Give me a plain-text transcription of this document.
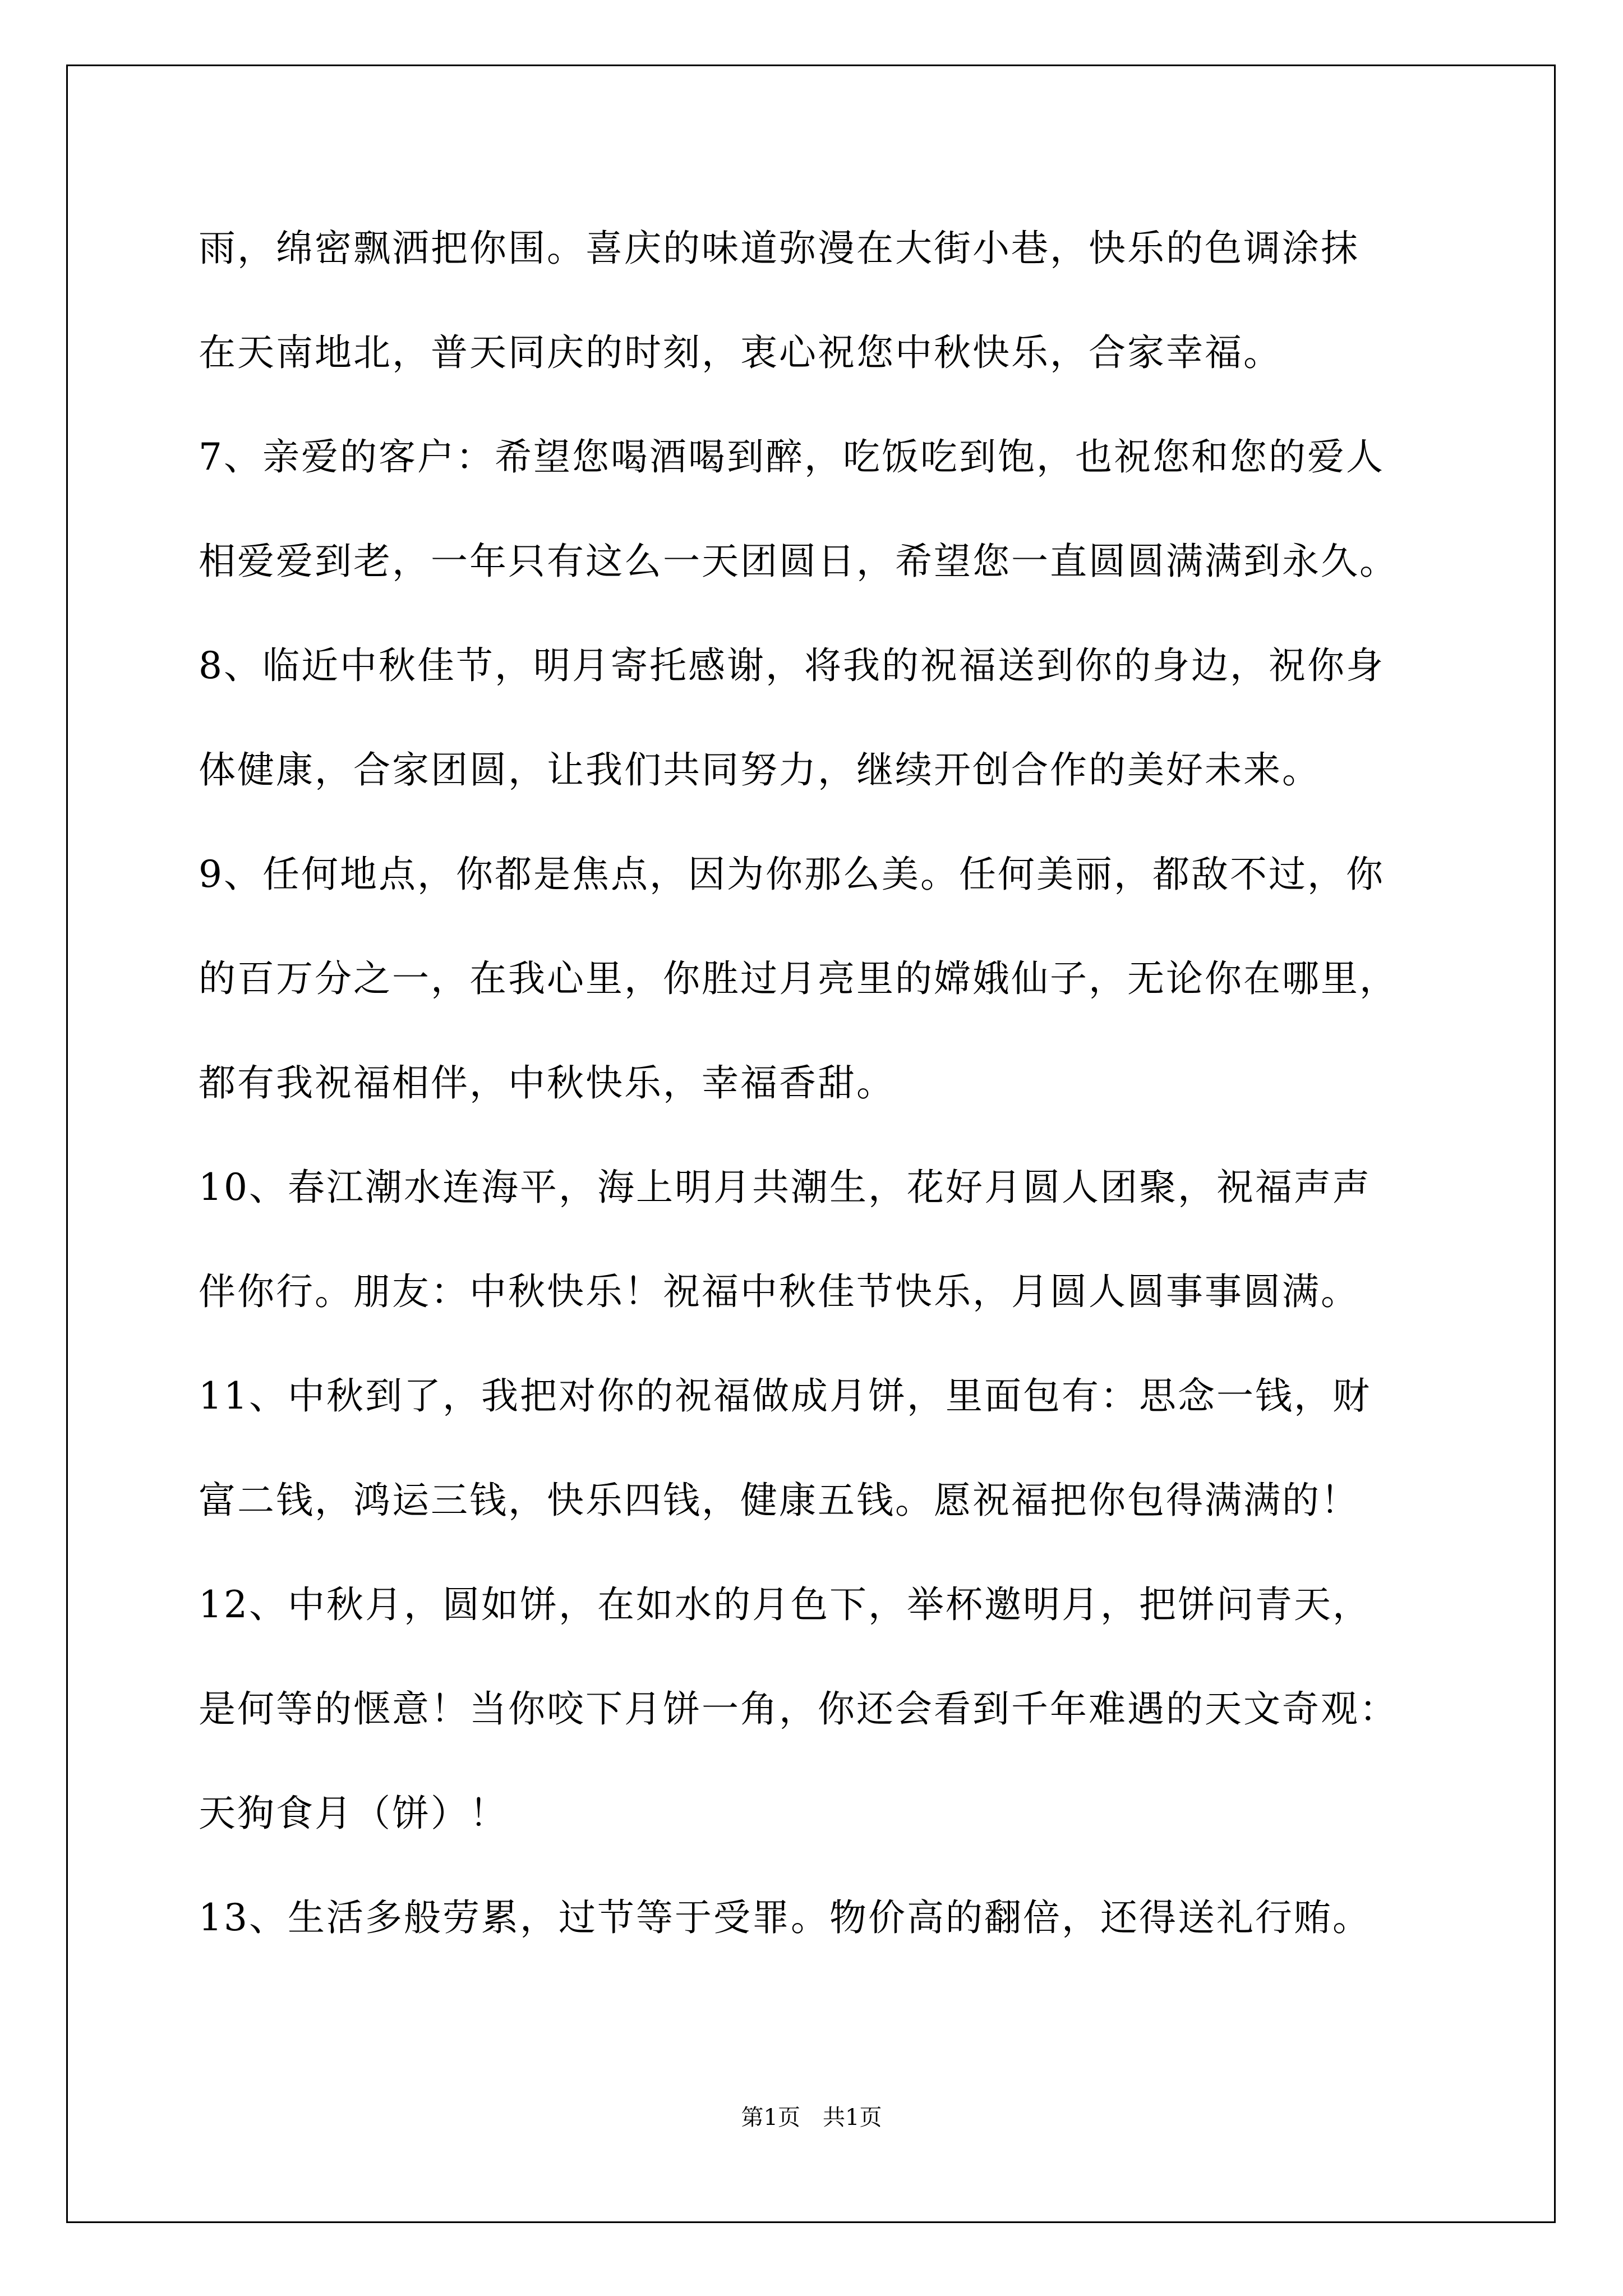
雨，绵密飘洒把你围。喜庆的味道弥漫在大街小巷，快乐的色调涂抹
在天南地北，普天同庆的时刻，衷心祝您中秋快乐，合家幸福。
7、亲爱的客户：希望您喝酒喝到醉，吃饭吃到饱，也祝您和您的爱人
相爱爱到老，一年只有这么一天团圆日，希望您一直圆圆满满到永久。
8、临近中秋佳节，明月寄托感谢，将我的祝福送到你的身边，祝你身
体健康，合家团圆，让我们共同努力，继续开创合作的美好未来。
9、任何地点，你都是焦点，因为你那么美。任何美丽，都敌不过，你
的百万分之一，在我心里，你胜过月亮里的嫦娥仙子，无论你在哪里，
都有我祝福相伴，中秋快乐，幸福香甜。
10、春江潮水连海平，海上明月共潮生，花好月圆人团聚，祝福声声
伴你行。朋友：中秋快乐！祝福中秋佳节快乐，月圆人圆事事圆满。
11、中秋到了，我把对你的祝福做成月饼，里面包有：思念一钱，财
富二钱，鸿运三钱，快乐四钱，健康五钱。愿祝福把你包得满满的！
12、中秋月，圆如饼，在如水的月色下，举杯邀明月，把饼问青天，
是何等的惬意！当你咬下月饼一角，你还会看到千年难遇的天文奇观：
天狗食月（饼）！
13、生活多般劳累，过节等于受罪。物价高的翻倍，还得送礼行贿。
第1页　共1页
